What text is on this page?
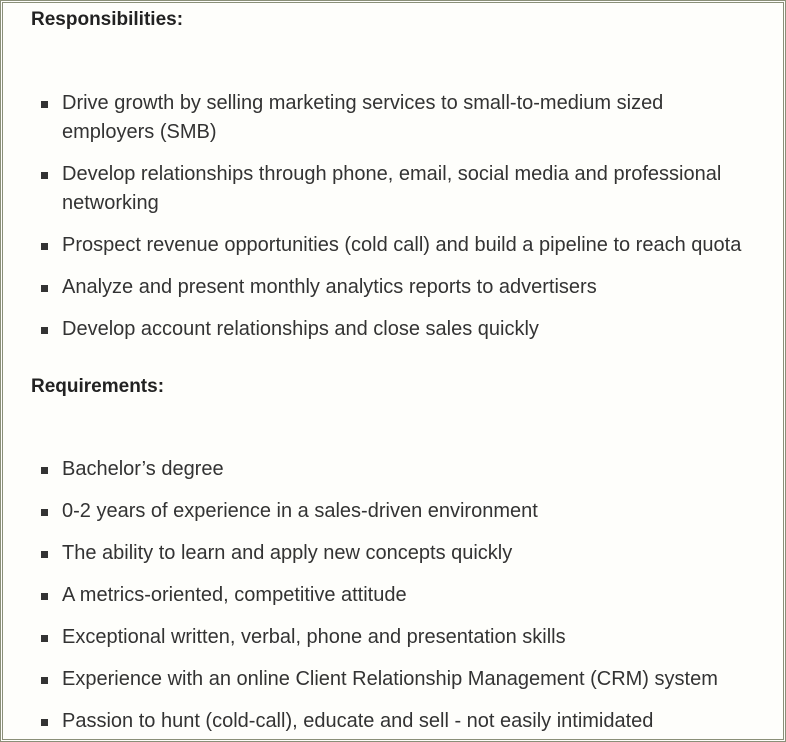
Responsibilities:
Drive growth by selling marketing services to small-to-medium sized employers (SMB)
Develop relationships through phone, email, social media and professional networking
Prospect revenue opportunities (cold call) and build a pipeline to reach quota
Analyze and present monthly analytics reports to advertisers
Develop account relationships and close sales quickly
Requirements:
Bachelor’s degree
0-2 years of experience in a sales-driven environment
The ability to learn and apply new concepts quickly
A metrics-oriented, competitive attitude
Exceptional written, verbal, phone and presentation skills
Experience with an online Client Relationship Management (CRM) system
Passion to hunt (cold-call), educate and sell - not easily intimidated
